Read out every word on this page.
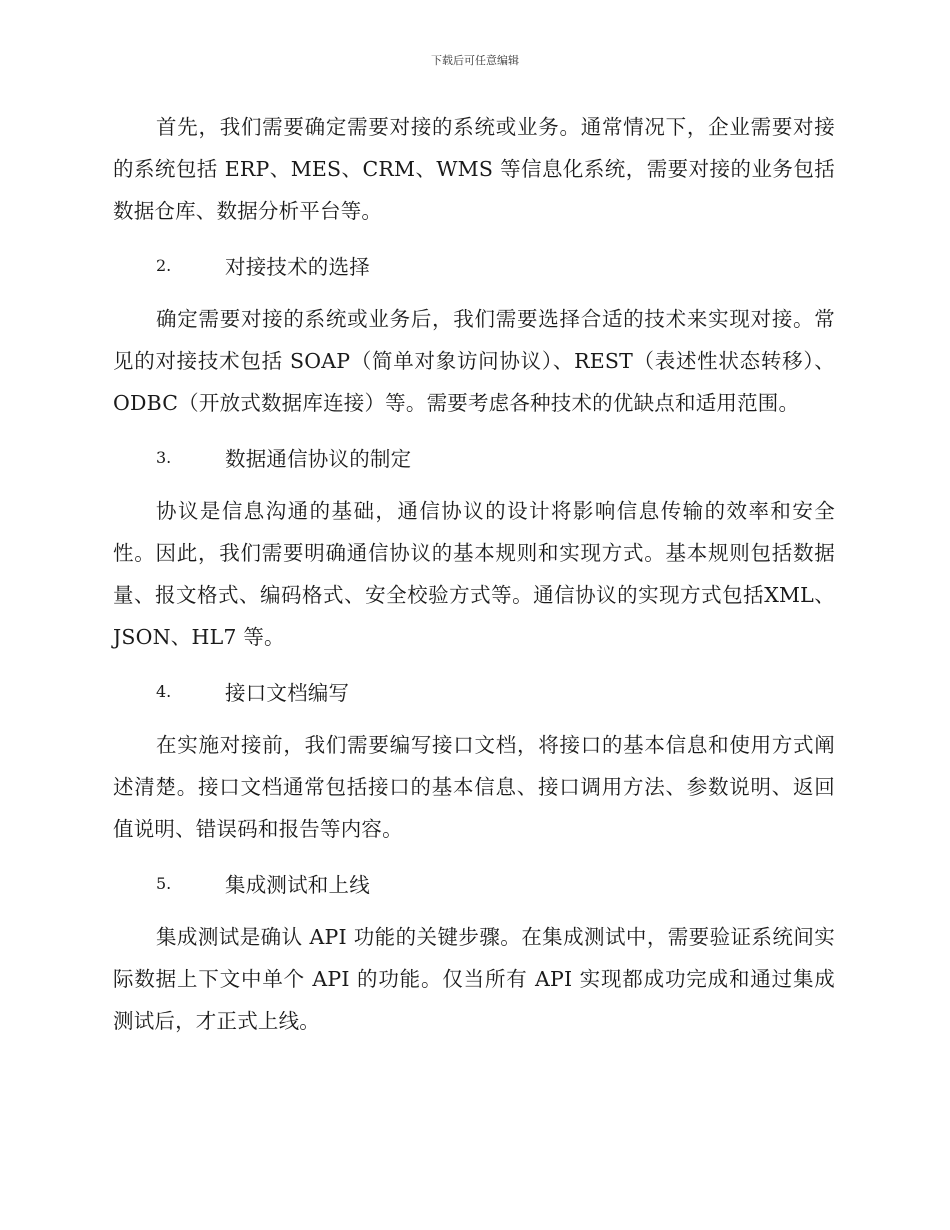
下载后可任意编辑

首先，我们需要确定需要对接的系统或业务。通常情况下，企业需要对接的系统包括 ERP、MES、CRM、WMS 等信息化系统，需要对接的业务包括数据仓库、数据分析平台等。

2.	对接技术的选择

确定需要对接的系统或业务后，我们需要选择合适的技术来实现对接。常见的对接技术包括 SOAP（简单对象访问协议）、REST（表述性状态转移）、ODBC（开放式数据库连接）等。需要考虑各种技术的优缺点和适用范围。

3.	数据通信协议的制定

协议是信息沟通的基础，通信协议的设计将影响信息传输的效率和安全性。因此，我们需要明确通信协议的基本规则和实现方式。基本规则包括数据量、报文格式、编码格式、安全校验方式等。通信协议的实现方式包括XML、JSON、HL7 等。

4.	接口文档编写

在实施对接前，我们需要编写接口文档，将接口的基本信息和使用方式阐述清楚。接口文档通常包括接口的基本信息、接口调用方法、参数说明、返回值说明、错误码和报告等内容。

5.	集成测试和上线

集成测试是确认 API 功能的关键步骤。在集成测试中，需要验证系统间实际数据上下文中单个 API 的功能。仅当所有 API 实现都成功完成和通过集成测试后，才正式上线。
